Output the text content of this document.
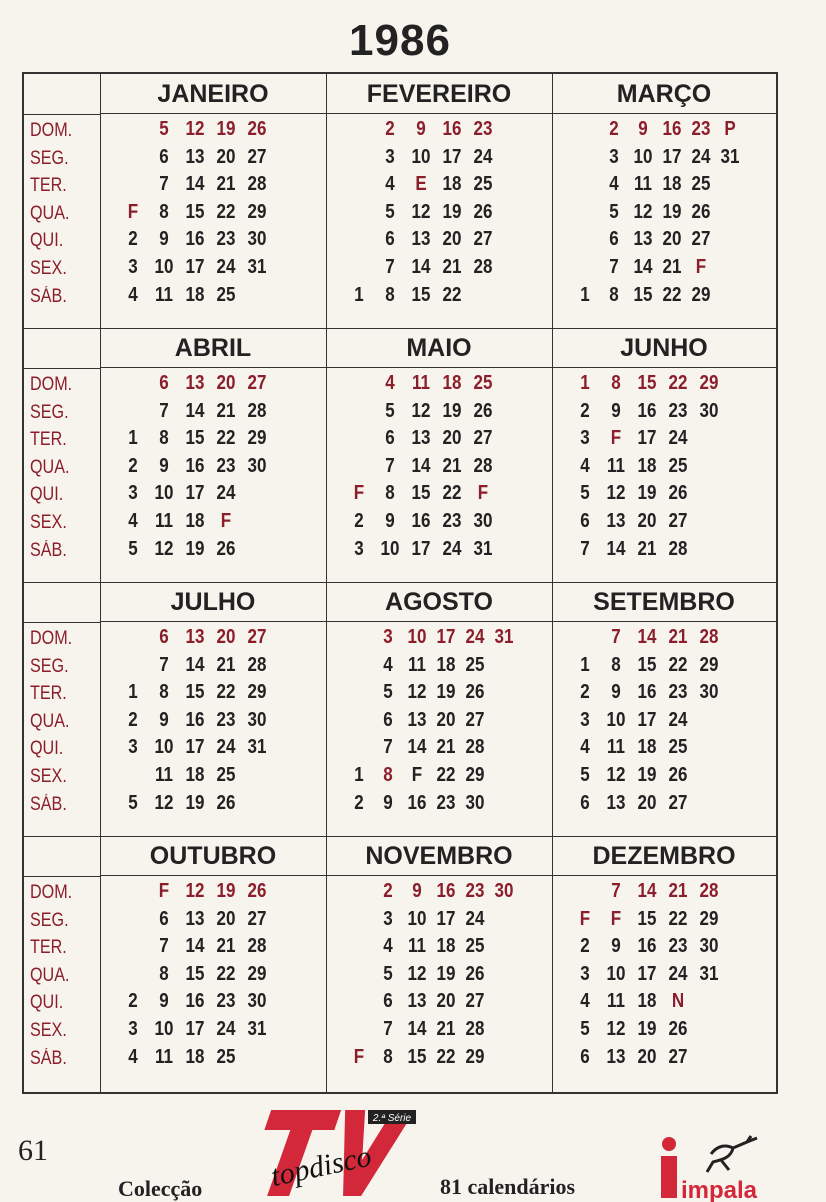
1986
JANEIRO
DOM.
SEG.
TER.
QUA.
QUI.
SEX.
SÁB.
F
2
3
4
5
6
7
8
9
10
11
12
13
14
15
16
17
18
19
20
21
22
23
24
25
26
27
28
29
30
31
FEVEREIRO
1
2
3
4
5
6
7
8
9
10
E
12
13
14
15
16
17
18
19
20
21
22
23
24
25
26
27
28
MARÇO
1
2
3
4
5
6
7
8
9
10
11
12
13
14
15
16
17
18
19
20
21
22
23
24
25
26
27
F
29
P
31
ABRIL
DOM.
SEG.
TER.
QUA.
QUI.
SEX.
SÁB.
1
2
3
4
5
6
7
8
9
10
11
12
13
14
15
16
17
18
19
20
21
22
23
24
F
26
27
28
29
30
MAIO
F
2
3
4
5
6
7
8
9
10
11
12
13
14
15
16
17
18
19
20
21
22
23
24
25
26
27
28
F
30
31
JUNHO
1
2
3
4
5
6
7
8
9
F
11
12
13
14
15
16
17
18
19
20
21
22
23
24
25
26
27
28
29
30
JULHO
DOM.
SEG.
TER.
QUA.
QUI.
SEX.
SÁB.
1
2
3
5
6
7
8
9
10
11
12
13
14
15
16
17
18
19
20
21
22
23
24
25
26
27
28
29
30
31
AGOSTO
1
2
3
4
5
6
7
8
9
10
11
12
13
14
F
16
17
18
19
20
21
22
23
24
25
26
27
28
29
30
31
SETEMBRO
1
2
3
4
5
6
7
8
9
10
11
12
13
14
15
16
17
18
19
20
21
22
23
24
25
26
27
28
29
30
OUTUBRO
DOM.
SEG.
TER.
QUA.
QUI.
SEX.
SÁB.
2
3
4
F
6
7
8
9
10
11
12
13
14
15
16
17
18
19
20
21
22
23
24
25
26
27
28
29
30
31
NOVEMBRO
F
2
3
4
5
6
7
8
9
10
11
12
13
14
15
16
17
18
19
20
21
22
23
24
25
26
27
28
29
30
DEZEMBRO
F
2
3
4
5
6
7
F
9
10
11
12
13
14
15
16
17
18
19
20
21
22
23
24
N
26
27
28
29
30
31
61
2.ª Série
topdisco
Colecção	81 calendários	impala
